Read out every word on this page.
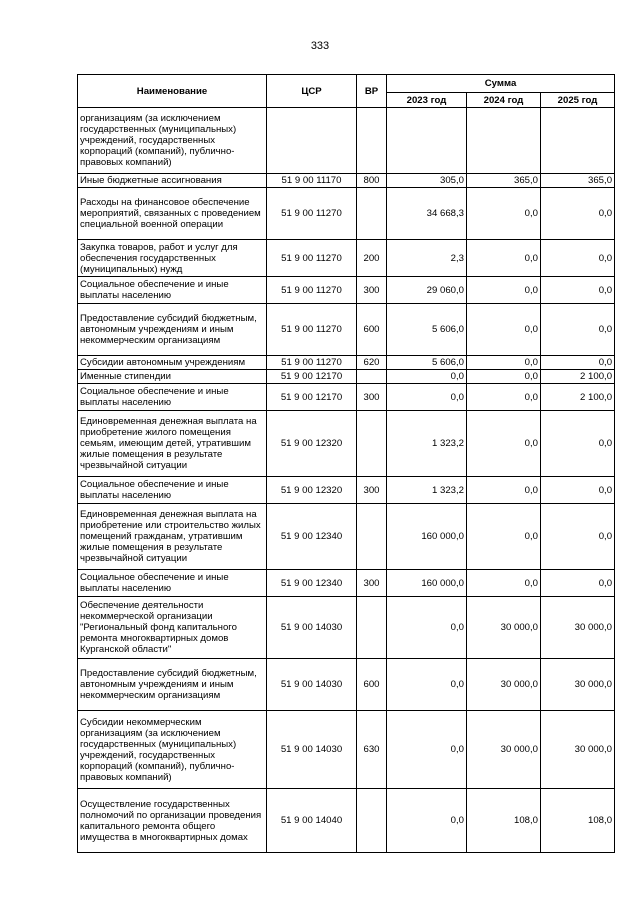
333
Наименование	ЦСР	ВР	Сумма		
			2023 год	2024 год	2025 год
организациям (за исключением государственных (муниципальных) учреждений, государственных корпораций (компаний), публично-правовых компаний)					
Иные бюджетные ассигнования	51 9 00 11170	800	305,0	365,0	365,0
Расходы на финансовое обеспечение мероприятий, связанных с проведением специальной военной операции	51 9 00 11270		34 668,3	0,0	0,0
Закупка товаров, работ и услуг для обеспечения государственных (муниципальных) нужд	51 9 00 11270	200	2,3	0,0	0,0
Социальное обеспечение и иные выплаты населению	51 9 00 11270	300	29 060,0	0,0	0,0
Предоставление субсидий бюджетным, автономным учреждениям и иным некоммерческим организациям	51 9 00 11270	600	5 606,0	0,0	0,0
Субсидии автономным учреждениям	51 9 00 11270	620	5 606,0	0,0	0,0
Именные стипендии	51 9 00 12170		0,0	0,0	2 100,0
Социальное обеспечение и иные выплаты населению	51 9 00 12170	300	0,0	0,0	2 100,0
Единовременная денежная выплата на приобретение жилого помещения семьям, имеющим детей, утратившим жилые помещения в результате чрезвычайной ситуации	51 9 00 12320		1 323,2	0,0	0,0
Социальное обеспечение и иные выплаты населению	51 9 00 12320	300	1 323,2	0,0	0,0
Единовременная денежная выплата на приобретение или строительство жилых помещений гражданам, утратившим жилые помещения в результате чрезвычайной ситуации	51 9 00 12340		160 000,0	0,0	0,0
Социальное обеспечение и иные выплаты населению	51 9 00 12340	300	160 000,0	0,0	0,0
Обеспечение деятельности некоммерческой организации "Региональный фонд капитального ремонта многоквартирных домов Курганской области"	51 9 00 14030		0,0	30 000,0	30 000,0
Предоставление субсидий бюджетным, автономным учреждениям и иным некоммерческим организациям	51 9 00 14030	600	0,0	30 000,0	30 000,0
Субсидии некоммерческим организациям (за исключением государственных (муниципальных) учреждений, государственных корпораций (компаний), публично-правовых компаний)	51 9 00 14030	630	0,0	30 000,0	30 000,0
Осуществление государственных полномочий по организации проведения капитального ремонта общего имущества в многоквартирных домах	51 9 00 14040		0,0	108,0	108,0
